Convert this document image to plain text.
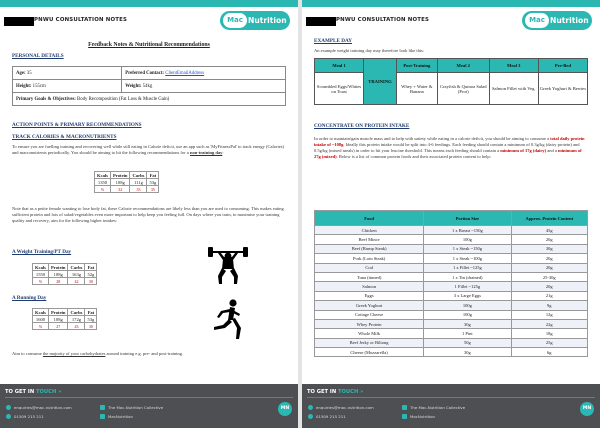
PNWU CONSULTATION NOTES	Mac Nutrition
Feedback Notes & Nutritional Recommendations
PERSONAL DETAILS
Age: 35	Preferred Contact: ClientEmailAddress
Height: 155cm	Weight: 54kg
Primary Goals & Objectives: Body Recomposition (Fat Loss & Muscle Gain)	
ACTION POINTS & PRIMARY RECOMMENDATIONS
TRACK CALORIES & MACRONUTRIENTS
To ensure you are fuelling training and recovering well while still eating in Calorie deficit, use an app such as 'MyFitnessPal' to track energy (Calories) and macronutrients periodically. You should be aiming to hit the following recommendations for a non-training day:
Kcals	Protein	Carbs	Fat
1350	108g	111g	53g
%	32	33	35
Note that as a petite female wanting to lose body fat, these Calorie recommendations are likely less than you are used to consuming. This makes eating sufficient protein and lots of salad/vegetables even more important to help keep you feeling full. On days where you train, to maximise your training quality and recovery, aim for the following higher intakes:
A Weight Training/PT Day
Kcals	Protein	Carbs	Fat
1550	108g	163g	52g
%	28	42	30
A Running Day
Kcals	Protein	Carbs	Fat
1600	108g	172g	53g
%	27	43	30
Aim to consume the majority of your carbohydrates around training e.g. pre- and post-training.
TO GET IN TOUCH »
enquiries@mac-nutrition.com
01509 215 211
The Mac-Nutrition Collective
MacNutrition
MN
PNWU CONSULTATION NOTES	Mac Nutrition
EXAMPLE DAY
An example weight training day may therefore look like this:
Meal 1	TRAINING	Post-Training	Meal 2	Meal 3	Pre-Bed
Scrambled Eggs/Whites on Toast		Whey + Water & Banana	Crayfish & Quinoa Salad (Prot)	Salmon Fillet with Veg.	Greek Yoghurt & Berries
CONCENTRATE ON PROTEIN INTAKE
In order to maintain/gain muscle mass and to help with satiety while eating in a calorie deficit, you should be aiming to consume a total daily protein intake of ~108g. Ideally this protein intake would be split into 4-6 feedings. Each feeding should contain a minimum of 0.3g/kg (dairy protein) and 0.5g/kg (mixed meals) in order to hit your leucine threshold. This means each feeding should contain a minimum of 17g (dairy) and a minimum of 27g (mixed). Below is a list of common protein foods and their associated protein content to help:
Food	Portion Size	Approx. Protein Content
Chicken	1 x Breast ~150g	45g
Beef Mince	100g	20g
Beef (Rump Steak)	1 x Steak ~150g	30g
Pork (Loin Steak)	1 x Steak ~100g	20g
Cod	1 x Fillet ~125g	20g
Tuna (tinned)	1 x Tin (drained)	25-30g
Salmon	1 Fillet ~125g	20g
Eggs	3 x Large Eggs	21g
Greek Yoghurt	100g	9g
Cottage Cheese	100g	12g
Whey Protein	30g	22g
Whole Milk	1 Pint	18g
Beef Jerky or Biltong	50g	25g
Cheese (Mozzarella)	30g	6g
TO GET IN TOUCH »
enquiries@mac-nutrition.com
01509 215 211
The Mac-Nutrition Collective
MacNutrition
MN
